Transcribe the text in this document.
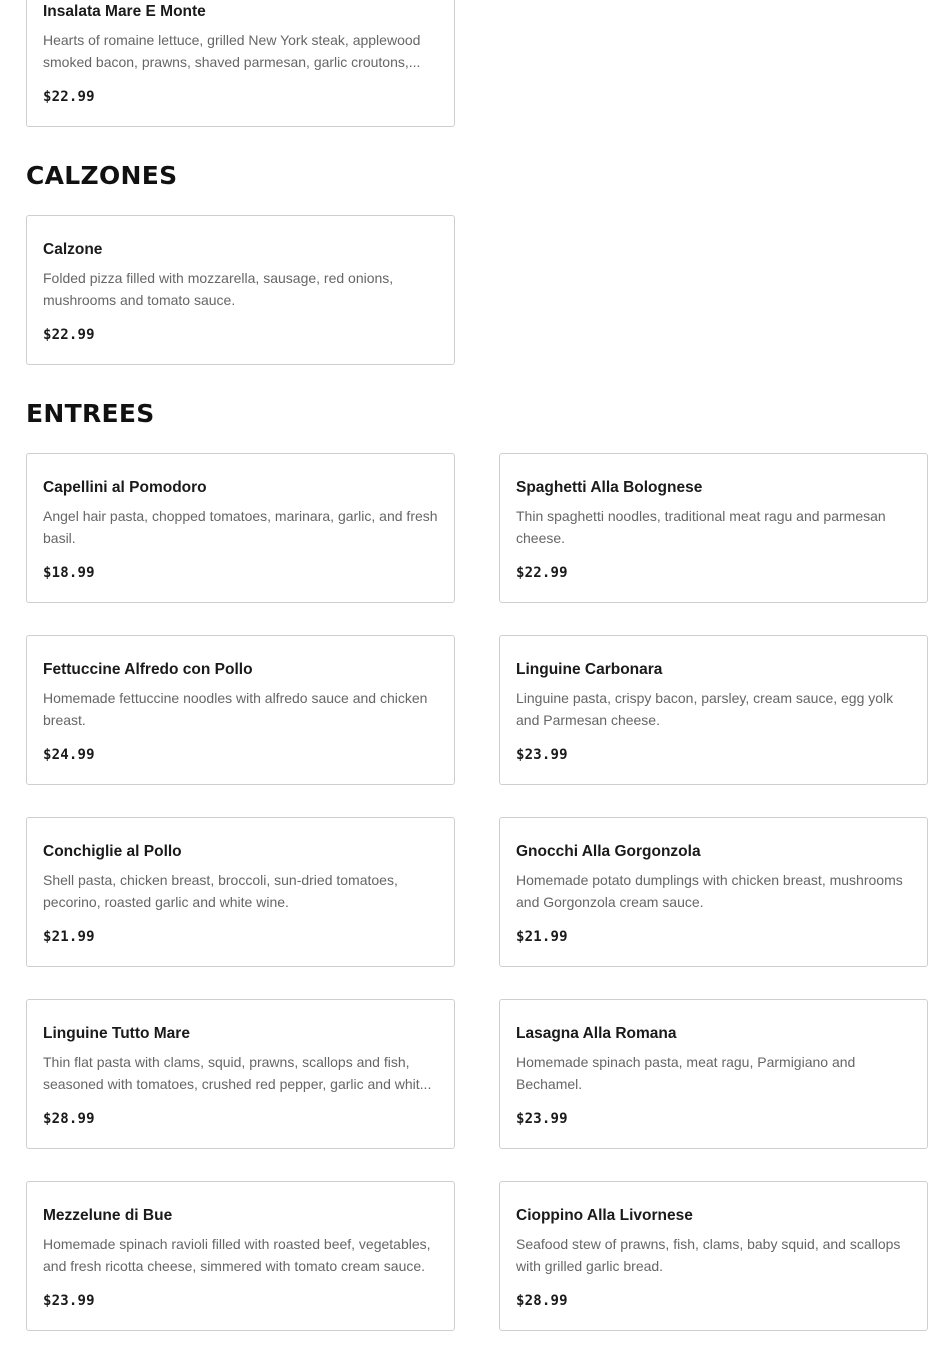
Insalata Mare E Monte
Hearts of romaine lettuce, grilled New York steak, applewood smoked bacon, prawns, shaved parmesan, garlic croutons,...
$22.99
CALZONES
Calzone
Folded pizza filled with mozzarella, sausage, red onions, mushrooms and tomato sauce.
$22.99
ENTREES
Capellini al Pomodoro
Angel hair pasta, chopped tomatoes, marinara, garlic, and fresh basil.
$18.99
Spaghetti Alla Bolognese
Thin spaghetti noodles, traditional meat ragu and parmesan cheese.
$22.99
Fettuccine Alfredo con Pollo
Homemade fettuccine noodles with alfredo sauce and chicken breast.
$24.99
Linguine Carbonara
Linguine pasta, crispy bacon, parsley, cream sauce, egg yolk and Parmesan cheese.
$23.99
Conchiglie al Pollo
Shell pasta, chicken breast, broccoli, sun-dried tomatoes, pecorino, roasted garlic and white wine.
$21.99
Gnocchi Alla Gorgonzola
Homemade potato dumplings with chicken breast, mushrooms and Gorgonzola cream sauce.
$21.99
Linguine Tutto Mare
Thin flat pasta with clams, squid, prawns, scallops and fish, seasoned with tomatoes, crushed red pepper, garlic and whit...
$28.99
Lasagna Alla Romana
Homemade spinach pasta, meat ragu, Parmigiano and Bechamel.
$23.99
Mezzelune di Bue
Homemade spinach ravioli filled with roasted beef, vegetables, and fresh ricotta cheese, simmered with tomato cream sauce.
$23.99
Cioppino Alla Livornese
Seafood stew of prawns, fish, clams, baby squid, and scallops with grilled garlic bread.
$28.99
